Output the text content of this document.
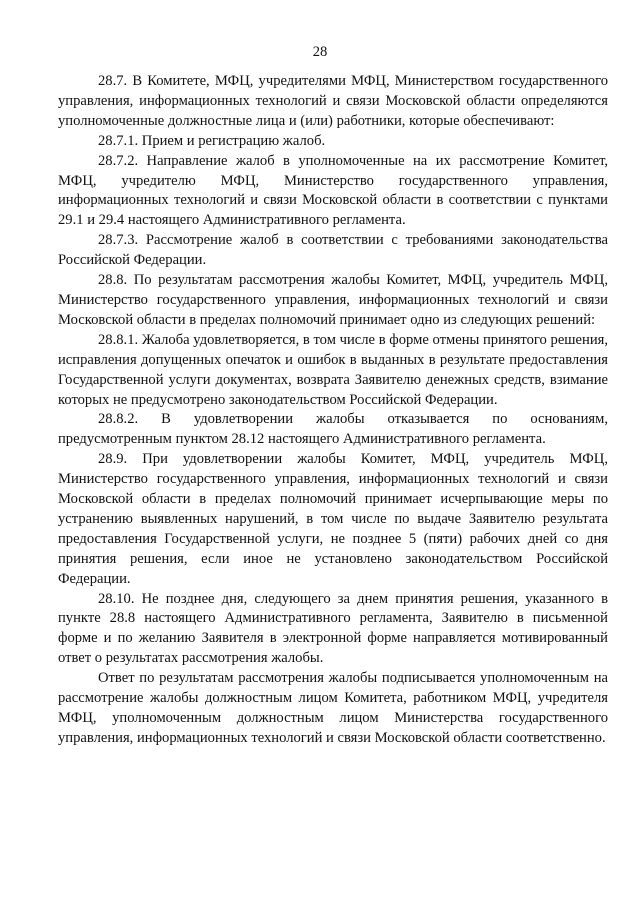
28

28.7. В Комитете, МФЦ, учредителями МФЦ, Министерством государственного управления, информационных технологий и связи Московской области определяются уполномоченные должностные лица и (или) работники, которые обеспечивают:

28.7.1. Прием и регистрацию жалоб.

28.7.2. Направление жалоб в уполномоченные на их рассмотрение Комитет, МФЦ, учредителю МФЦ, Министерство государственного управления, информационных технологий и связи Московской области в соответствии с пунктами 29.1 и 29.4 настоящего Административного регламента.

28.7.3. Рассмотрение жалоб в соответствии с требованиями законодательства Российской Федерации.

28.8. По результатам рассмотрения жалобы Комитет, МФЦ, учредитель МФЦ, Министерство государственного управления, информационных технологий и связи Московской области в пределах полномочий принимает одно из следующих решений:

28.8.1. Жалоба удовлетворяется, в том числе в форме отмены принятого решения, исправления допущенных опечаток и ошибок в выданных в результате предоставления Государственной услуги документах, возврата Заявителю денежных средств, взимание которых не предусмотрено законодательством Российской Федерации.

28.8.2. В удовлетворении жалобы отказывается по основаниям, предусмотренным пунктом 28.12 настоящего Административного регламента.

28.9. При удовлетворении жалобы Комитет, МФЦ, учредитель МФЦ, Министерство государственного управления, информационных технологий и связи Московской области в пределах полномочий принимает исчерпывающие меры по устранению выявленных нарушений, в том числе по выдаче Заявителю результата предоставления Государственной услуги, не позднее 5 (пяти) рабочих дней со дня принятия решения, если иное не установлено законодательством Российской Федерации.

28.10. Не позднее дня, следующего за днем принятия решения, указанного в пункте 28.8 настоящего Административного регламента, Заявителю в письменной форме и по желанию Заявителя в электронной форме направляется мотивированный ответ о результатах рассмотрения жалобы.

Ответ по результатам рассмотрения жалобы подписывается уполномоченным на рассмотрение жалобы должностным лицом Комитета, работником МФЦ, учредителя МФЦ, уполномоченным должностным лицом Министерства государственного управления, информационных технологий и связи Московской области соответственно.
